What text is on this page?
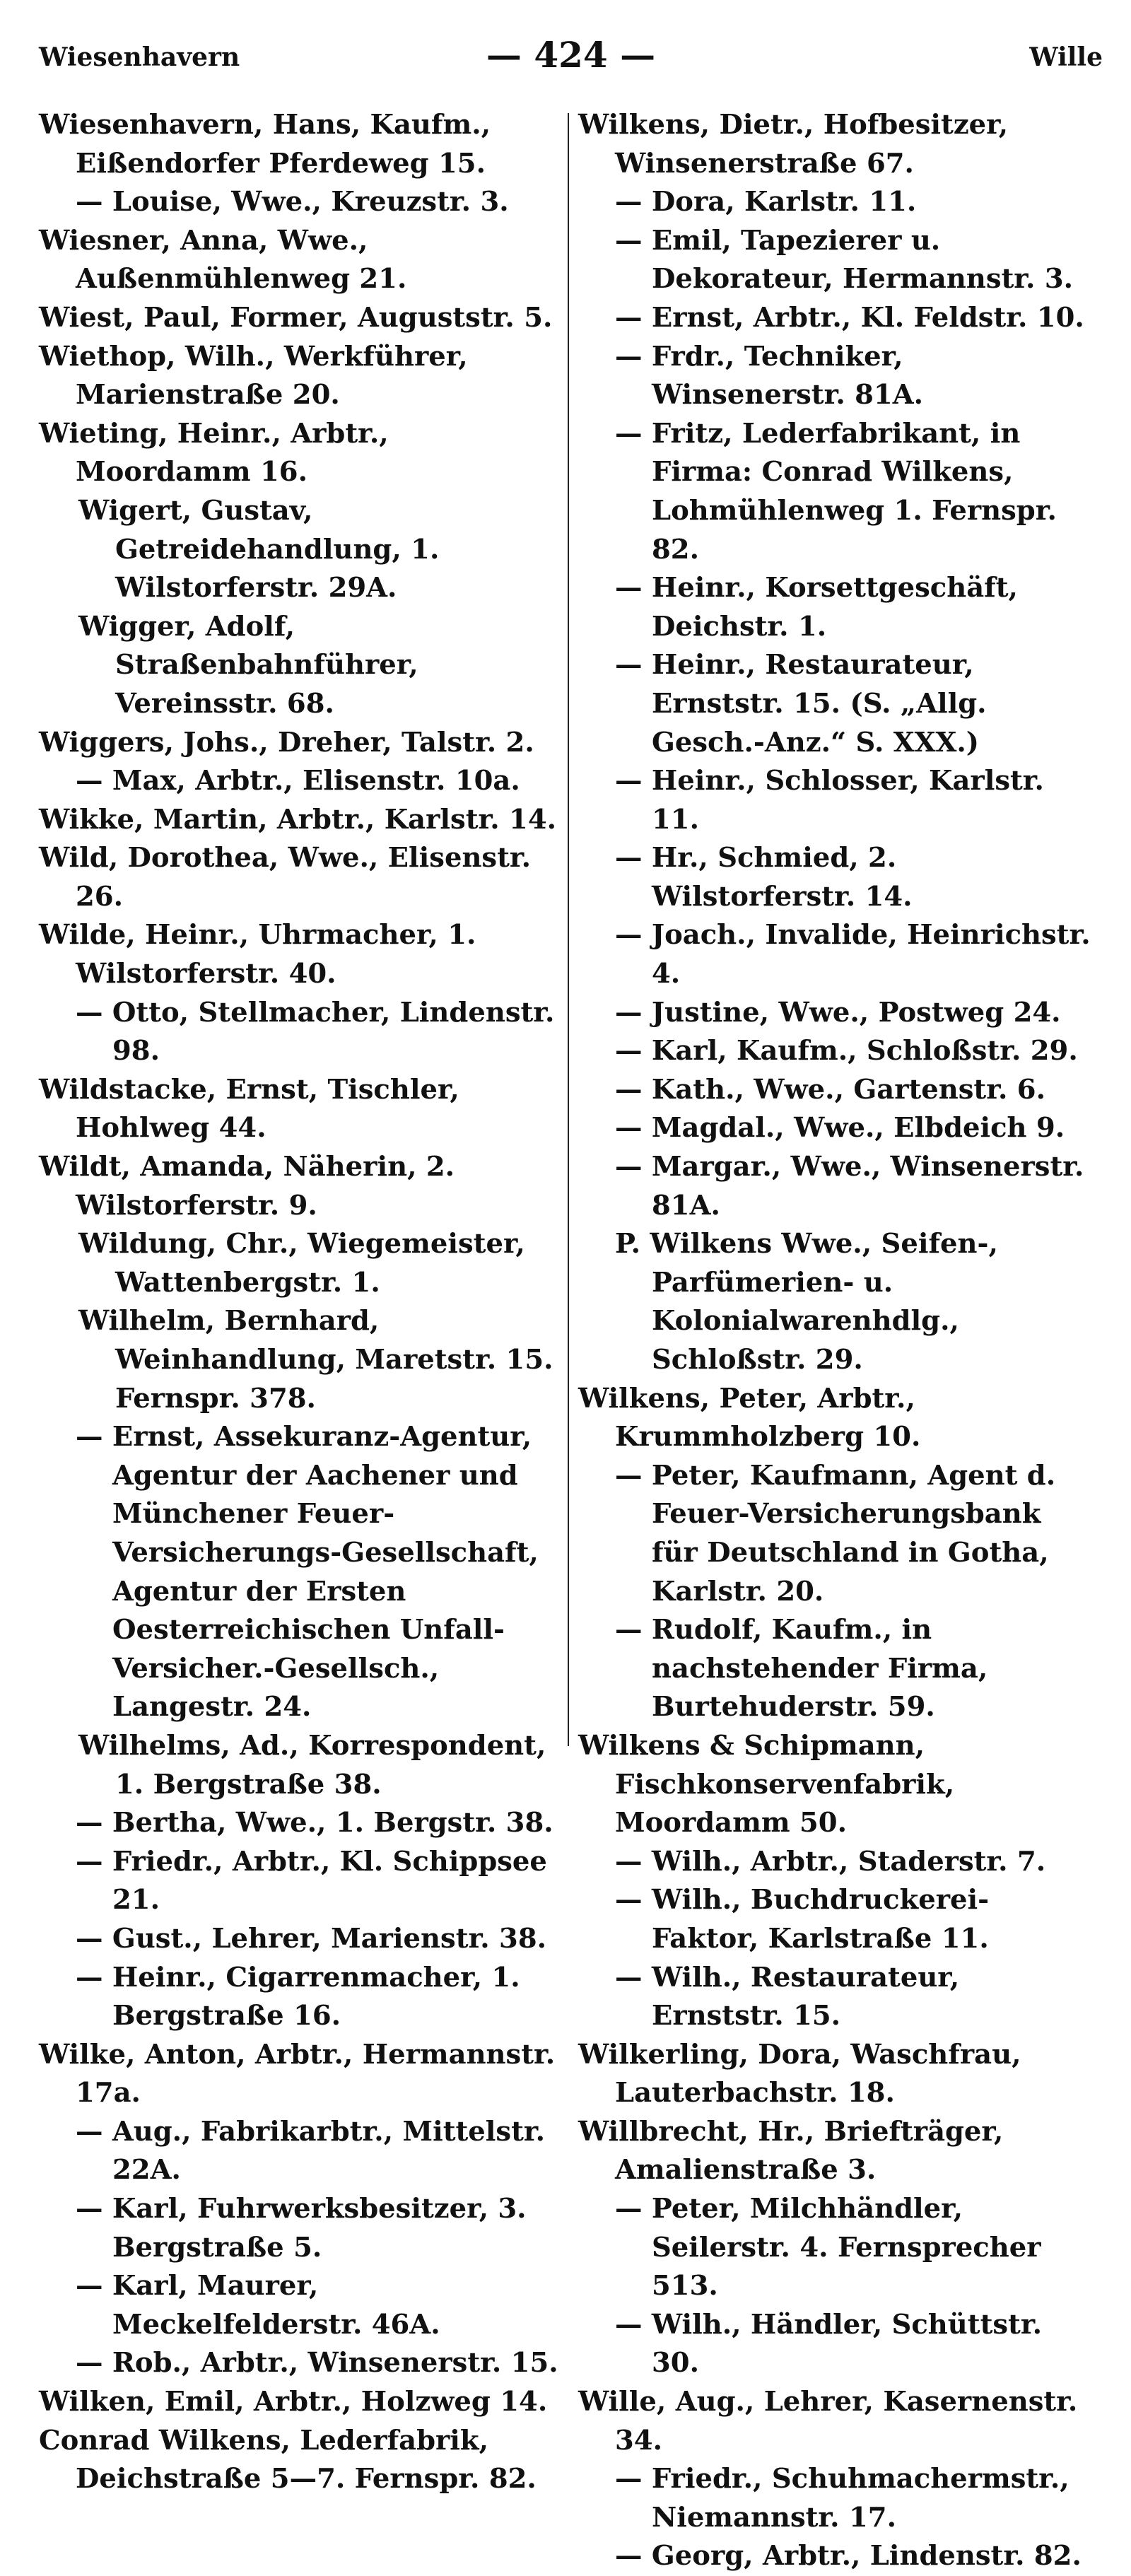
Wiesenhavern	— 424 —	Wille
Wiesenhavern, Hans, Kaufm., Eißendorfer Pferdeweg 15.
— Louise, Wwe., Kreuzstr. 3.
Wiesner, Anna, Wwe., Außenmühlenweg 21.
Wiest, Paul, Former, Auguststr. 5.
Wiethop, Wilh., Werkführer, Marienstraße 20.
Wieting, Heinr., Arbtr., Moordamm 16.
Wigert, Gustav, Getreidehandlung, 1. Wilstorferstr. 29A.
Wigger, Adolf, Straßenbahnführer, Vereinsstr. 68.
Wiggers, Johs., Dreher, Talstr. 2.
— Max, Arbtr., Elisenstr. 10a.
Wikke, Martin, Arbtr., Karlstr. 14.
Wild, Dorothea, Wwe., Elisenstr. 26.
Wilde, Heinr., Uhrmacher, 1. Wilstorferstr. 40.
— Otto, Stellmacher, Lindenstr. 98.
Wildstacke, Ernst, Tischler, Hohlweg 44.
Wildt, Amanda, Näherin, 2. Wilstorferstr. 9.
Wildung, Chr., Wiegemeister, Wattenbergstr. 1.
Wilhelm, Bernhard, Weinhandlung, Maretstr. 15. Fernspr. 378.
— Ernst, Assekuranz-Agentur, Agentur der Aachener und Münchener Feuer-Versicherungs-Gesellschaft, Agentur der Ersten Oesterreichischen Unfall-Versicher.-Gesellsch., Langestr. 24.
Wilhelms, Ad., Korrespondent, 1. Bergstraße 38.
— Bertha, Wwe., 1. Bergstr. 38.
— Friedr., Arbtr., Kl. Schippsee 21.
— Gust., Lehrer, Marienstr. 38.
— Heinr., Cigarrenmacher, 1. Bergstraße 16.
Wilke, Anton, Arbtr., Hermannstr. 17a.
— Aug., Fabrikarbtr., Mittelstr. 22A.
— Karl, Fuhrwerksbesitzer, 3. Bergstraße 5.
— Karl, Maurer, Meckelfelderstr. 46A.
— Rob., Arbtr., Winsenerstr. 15.
Wilken, Emil, Arbtr., Holzweg 14.
Conrad Wilkens, Lederfabrik, Deichstraße 5—7. Fernspr. 82.
Wilkens, Dietr., Hofbesitzer, Winsenerstraße 67.
— Dora, Karlstr. 11.
— Emil, Tapezierer u. Dekorateur, Hermannstr. 3.
— Ernst, Arbtr., Kl. Feldstr. 10.
— Frdr., Techniker, Winsenerstr. 81A.
— Fritz, Lederfabrikant, in Firma: Conrad Wilkens, Lohmühlenweg 1. Fernspr. 82.
— Heinr., Korsettgeschäft, Deichstr. 1.
— Heinr., Restaurateur, Ernststr. 15. (S. „Allg. Gesch.-Anz.“ S. XXX.)
— Heinr., Schlosser, Karlstr. 11.
— Hr., Schmied, 2. Wilstorferstr. 14.
— Joach., Invalide, Heinrichstr. 4.
— Justine, Wwe., Postweg 24.
— Karl, Kaufm., Schloßstr. 29.
— Kath., Wwe., Gartenstr. 6.
— Magdal., Wwe., Elbdeich 9.
— Margar., Wwe., Winsenerstr. 81A.
P. Wilkens Wwe., Seifen-, Parfümerien- u. Kolonialwarenhdlg., Schloßstr. 29.
Wilkens, Peter, Arbtr., Krummholzberg 10.
— Peter, Kaufmann, Agent d. Feuer-Versicherungsbank für Deutschland in Gotha, Karlstr. 20.
— Rudolf, Kaufm., in nachstehender Firma, Burtehuderstr. 59.
Wilkens & Schipmann, Fischkonservenfabrik, Moordamm 50.
— Wilh., Arbtr., Staderstr. 7.
— Wilh., Buchdruckerei-Faktor, Karlstraße 11.
— Wilh., Restaurateur, Ernststr. 15.
Wilkerling, Dora, Waschfrau, Lauterbachstr. 18.
Willbrecht, Hr., Briefträger, Amalienstraße 3.
— Peter, Milchhändler, Seilerstr. 4. Fernsprecher 513.
— Wilh., Händler, Schüttstr. 30.
Wille, Aug., Lehrer, Kasernenstr. 34.
— Friedr., Schuhmachermstr., Niemannstr. 17.
— Georg, Arbtr., Lindenstr. 82.
